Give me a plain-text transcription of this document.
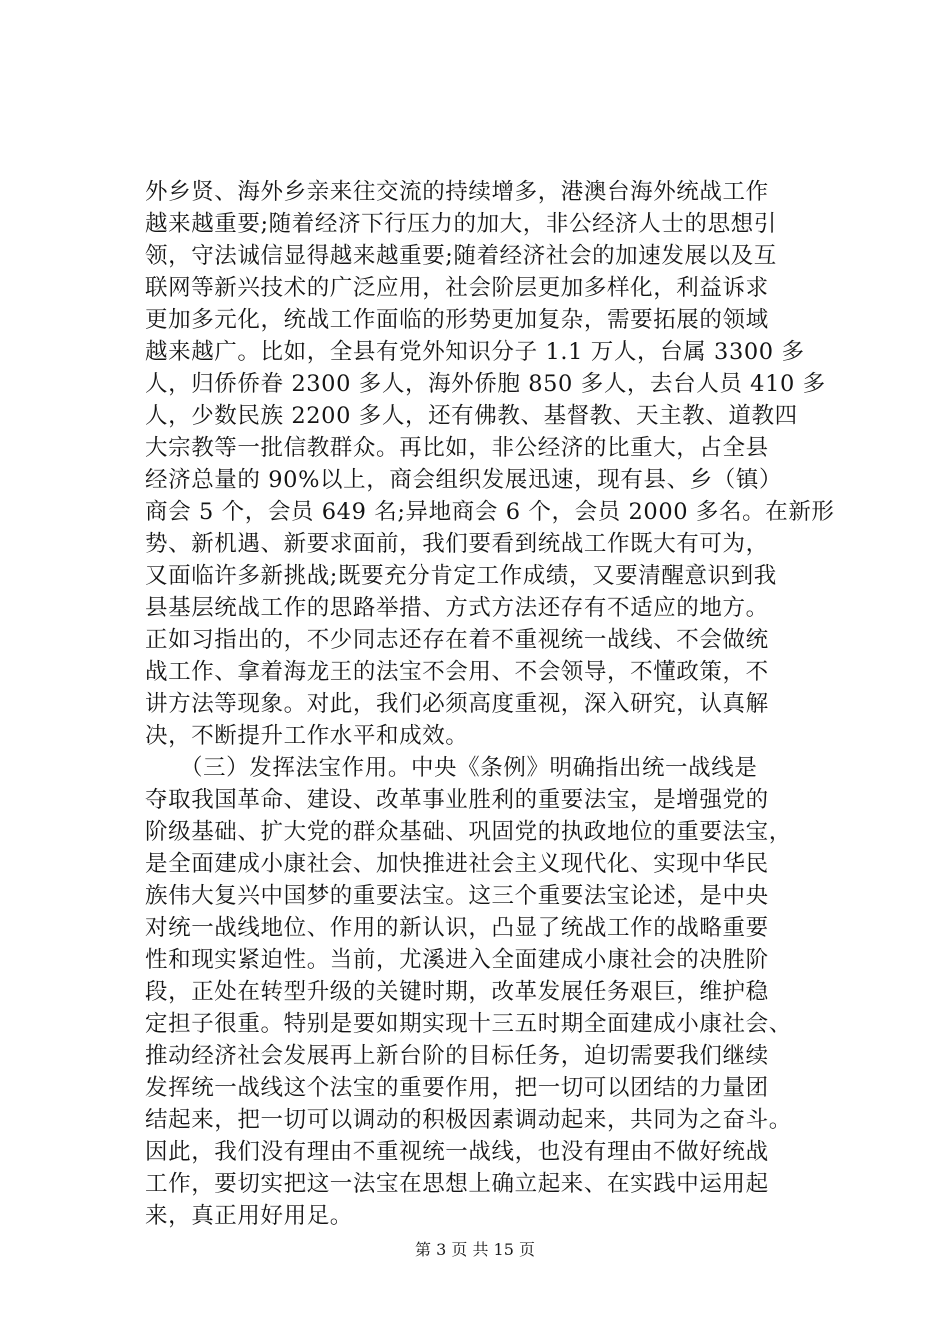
外乡贤、海外乡亲来往交流的持续增多，港澳台海外统战工作
越来越重要;随着经济下行压力的加大，非公经济人士的思想引
领，守法诚信显得越来越重要;随着经济社会的加速发展以及互
联网等新兴技术的广泛应用，社会阶层更加多样化，利益诉求
更加多元化，统战工作面临的形势更加复杂，需要拓展的领域
越来越广。比如，全县有党外知识分子 1.1 万人，台属 3300 多
人，归侨侨眷 2300 多人，海外侨胞 850 多人，去台人员 410 多
人，少数民族 2200 多人，还有佛教、基督教、天主教、道教四
大宗教等一批信教群众。再比如，非公经济的比重大，占全县
经济总量的 90%以上，商会组织发展迅速，现有县、乡（镇）
商会 5 个，会员 649 名;异地商会 6 个，会员 2000 多名。在新形
势、新机遇、新要求面前，我们要看到统战工作既大有可为，
又面临许多新挑战;既要充分肯定工作成绩，又要清醒意识到我
县基层统战工作的思路举措、方式方法还存有不适应的地方。
正如习指出的，不少同志还存在着不重视统一战线、不会做统
战工作、拿着海龙王的法宝不会用、不会领导，不懂政策，不
讲方法等现象。对此，我们必须高度重视，深入研究，认真解
决，不断提升工作水平和成效。
　　（三）发挥法宝作用。中央《条例》明确指出统一战线是
夺取我国革命、建设、改革事业胜利的重要法宝，是增强党的
阶级基础、扩大党的群众基础、巩固党的执政地位的重要法宝，
是全面建成小康社会、加快推进社会主义现代化、实现中华民
族伟大复兴中国梦的重要法宝。这三个重要法宝论述，是中央
对统一战线地位、作用的新认识，凸显了统战工作的战略重要
性和现实紧迫性。当前，尤溪进入全面建成小康社会的决胜阶
段，正处在转型升级的关键时期，改革发展任务艰巨，维护稳
定担子很重。特别是要如期实现十三五时期全面建成小康社会、
推动经济社会发展再上新台阶的目标任务，迫切需要我们继续
发挥统一战线这个法宝的重要作用，把一切可以团结的力量团
结起来，把一切可以调动的积极因素调动起来，共同为之奋斗。
因此，我们没有理由不重视统一战线，也没有理由不做好统战
工作，要切实把这一法宝在思想上确立起来、在实践中运用起
来，真正用好用足。
第 3 页 共 15 页
